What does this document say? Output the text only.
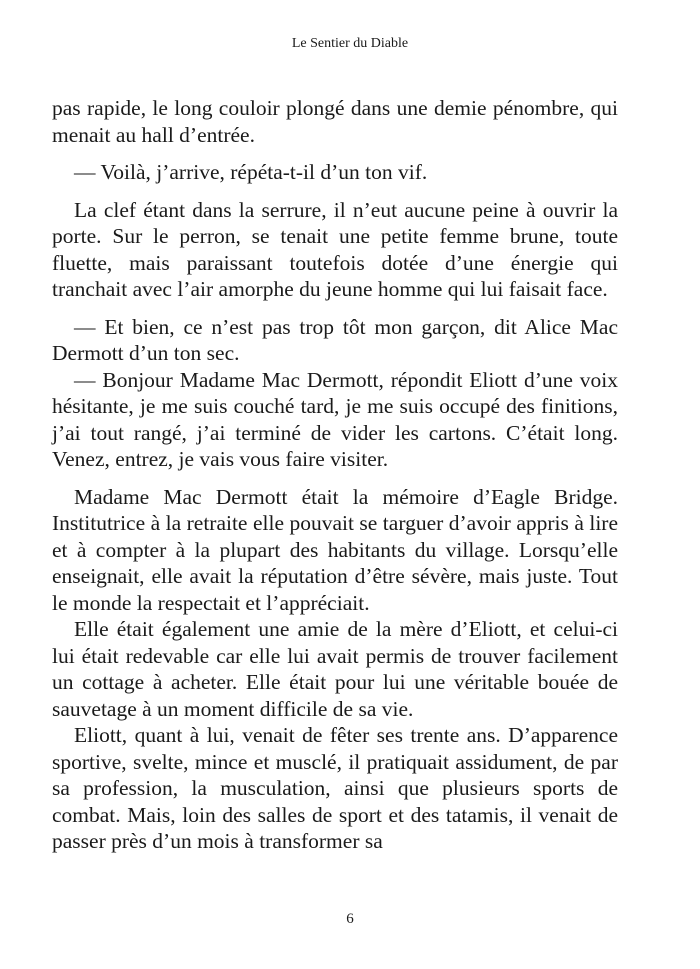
Le Sentier du Diable

pas rapide, le long couloir plongé dans une demie pénombre, qui menait au hall d’entrée.

— Voilà, j’arrive, répéta-t-il d’un ton vif.

La clef étant dans la serrure, il n’eut aucune peine à ouvrir la porte. Sur le perron, se tenait une petite femme brune, toute fluette, mais paraissant toutefois dotée d’une énergie qui tranchait avec l’air amorphe du jeune homme qui lui faisait face.

— Et bien, ce n’est pas trop tôt mon garçon, dit Alice Mac Dermott d’un ton sec.

— Bonjour Madame Mac Dermott, répondit Eliott d’une voix hésitante, je me suis couché tard, je me suis occupé des finitions, j’ai tout rangé, j’ai terminé de vider les cartons. C’était long. Venez, entrez, je vais vous faire visiter.

Madame Mac Dermott était la mémoire d’Eagle Bridge. Institutrice à la retraite elle pouvait se targuer d’avoir appris à lire et à compter à la plupart des habitants du village. Lorsqu’elle enseignait, elle avait la réputation d’être sévère, mais juste. Tout le monde la respectait et l’appréciait.

Elle était également une amie de la mère d’Eliott, et celui-ci lui était redevable car elle lui avait permis de trouver facilement un cottage à acheter. Elle était pour lui une véritable bouée de sauvetage à un moment difficile de sa vie.

Eliott, quant à lui, venait de fêter ses trente ans. D’apparence sportive, svelte, mince et musclé, il pratiquait assidument, de par sa profession, la musculation, ainsi que plusieurs sports de combat. Mais, loin des salles de sport et des tatamis, il venait de passer près d’un mois à transformer sa

6
